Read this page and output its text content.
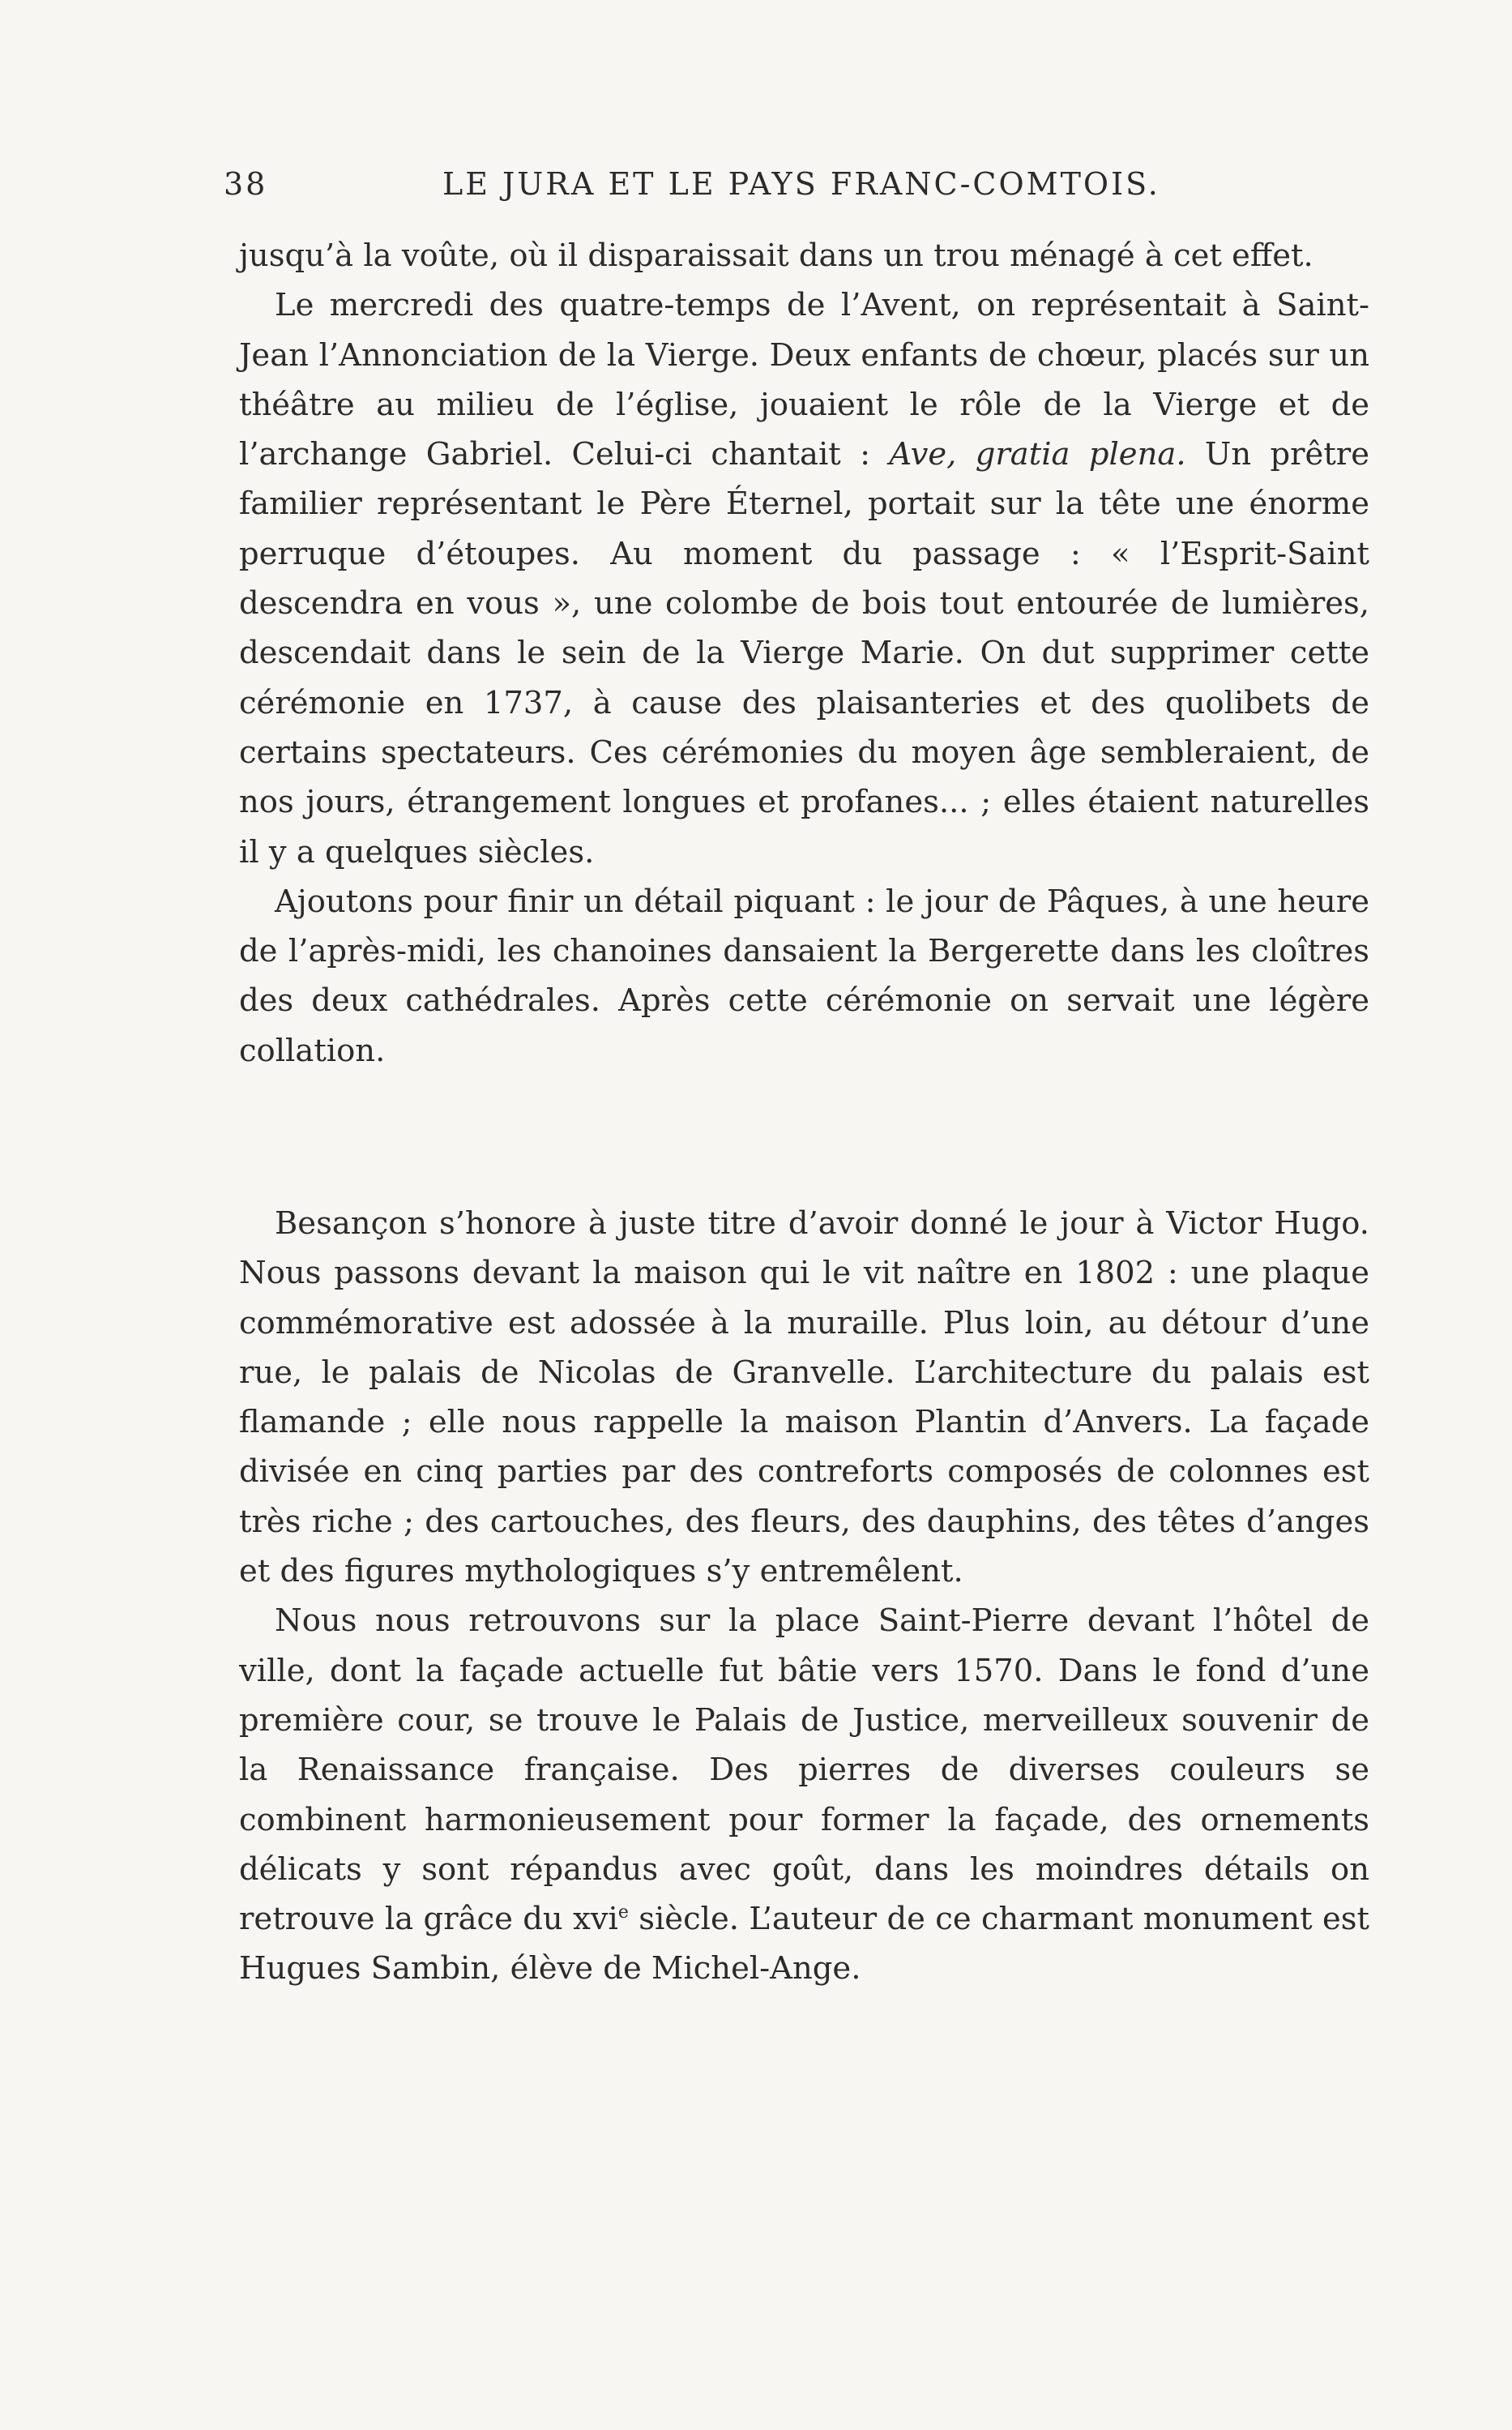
38	LE JURA ET LE PAYS FRANC-COMTOIS.

jusqu’à la voûte, où il disparaissait dans un trou ménagé à cet effet.

Le mercredi des quatre-temps de l’Avent, on représentait à Saint-Jean l’Annonciation de la Vierge. Deux enfants de chœur, placés sur un théâtre au milieu de l’église, jouaient le rôle de la Vierge et de l’archange Gabriel. Celui-ci chantait : Ave, gratia plena. Un prêtre familier représentant le Père Éternel, portait sur la tête une énorme perruque d’étoupes. Au moment du passage : « l’Esprit-Saint descendra en vous », une colombe de bois tout entourée de lumières, descendait dans le sein de la Vierge Marie. On dut supprimer cette cérémonie en 1737, à cause des plaisanteries et des quolibets de certains spectateurs. Ces cérémonies du moyen âge sembleraient, de nos jours, étrangement longues et profanes... ; elles étaient naturelles il y a quelques siècles.

Ajoutons pour finir un détail piquant : le jour de Pâques, à une heure de l’après-midi, les chanoines dansaient la Bergerette dans les cloîtres des deux cathédrales. Après cette cérémonie on servait une légère collation.

Besançon s’honore à juste titre d’avoir donné le jour à Victor Hugo. Nous passons devant la maison qui le vit naître en 1802 : une plaque commémorative est adossée à la muraille. Plus loin, au détour d’une rue, le palais de Nicolas de Granvelle. L’architecture du palais est flamande ; elle nous rappelle la maison Plantin d’Anvers. La façade divisée en cinq parties par des contreforts composés de colonnes est très riche ; des cartouches, des fleurs, des dauphins, des têtes d’anges et des figures mythologiques s’y entremêlent.

Nous nous retrouvons sur la place Saint-Pierre devant l’hôtel de ville, dont la façade actuelle fut bâtie vers 1570. Dans le fond d’une première cour, se trouve le Palais de Justice, merveilleux souvenir de la Renaissance française. Des pierres de diverses couleurs se combinent harmonieusement pour former la façade, des ornements délicats y sont répandus avec goût, dans les moindres détails on retrouve la grâce du xvi$^e$ siècle. L’auteur de ce charmant monument est Hugues Sambin, élève de Michel-Ange.
